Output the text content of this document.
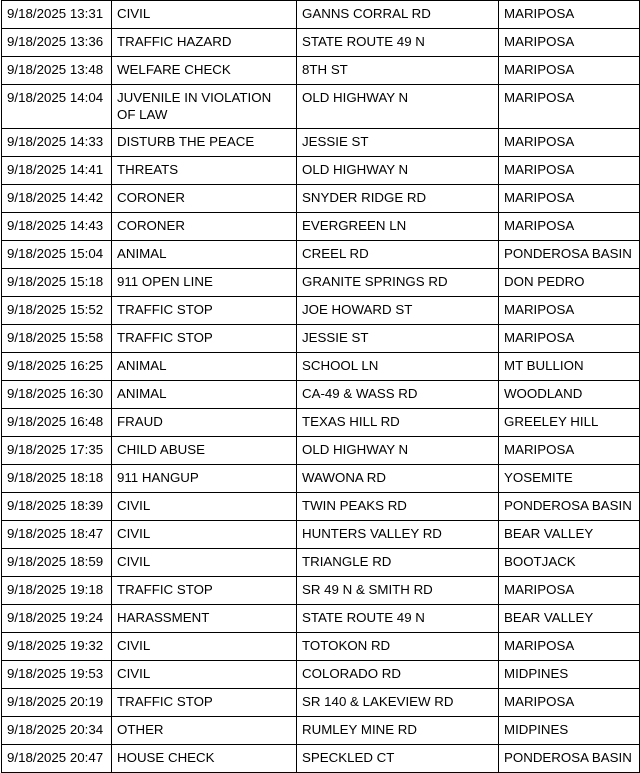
9/18/2025 13:31	CIVIL	GANNS CORRAL RD	MARIPOSA
9/18/2025 13:36	TRAFFIC HAZARD	STATE ROUTE 49 N	MARIPOSA
9/18/2025 13:48	WELFARE CHECK	8TH ST	MARIPOSA
9/18/2025 14:04	JUVENILE IN VIOLATION OF LAW	OLD HIGHWAY N	MARIPOSA
9/18/2025 14:33	DISTURB THE PEACE	JESSIE ST	MARIPOSA
9/18/2025 14:41	THREATS	OLD HIGHWAY N	MARIPOSA
9/18/2025 14:42	CORONER	SNYDER RIDGE RD	MARIPOSA
9/18/2025 14:43	CORONER	EVERGREEN LN	MARIPOSA
9/18/2025 15:04	ANIMAL	CREEL RD	PONDEROSA BASIN
9/18/2025 15:18	911 OPEN LINE	GRANITE SPRINGS RD	DON PEDRO
9/18/2025 15:52	TRAFFIC STOP	JOE HOWARD ST	MARIPOSA
9/18/2025 15:58	TRAFFIC STOP	JESSIE ST	MARIPOSA
9/18/2025 16:25	ANIMAL	SCHOOL LN	MT BULLION
9/18/2025 16:30	ANIMAL	CA-49 & WASS RD	WOODLAND
9/18/2025 16:48	FRAUD	TEXAS HILL RD	GREELEY HILL
9/18/2025 17:35	CHILD ABUSE	OLD HIGHWAY N	MARIPOSA
9/18/2025 18:18	911 HANGUP	WAWONA RD	YOSEMITE
9/18/2025 18:39	CIVIL	TWIN PEAKS RD	PONDEROSA BASIN
9/18/2025 18:47	CIVIL	HUNTERS VALLEY RD	BEAR VALLEY
9/18/2025 18:59	CIVIL	TRIANGLE RD	BOOTJACK
9/18/2025 19:18	TRAFFIC STOP	SR 49 N & SMITH RD	MARIPOSA
9/18/2025 19:24	HARASSMENT	STATE ROUTE 49 N	BEAR VALLEY
9/18/2025 19:32	CIVIL	TOTOKON RD	MARIPOSA
9/18/2025 19:53	CIVIL	COLORADO RD	MIDPINES
9/18/2025 20:19	TRAFFIC STOP	SR 140 & LAKEVIEW RD	MARIPOSA
9/18/2025 20:34	OTHER	RUMLEY MINE RD	MIDPINES
9/18/2025 20:47	HOUSE CHECK	SPECKLED CT	PONDEROSA BASIN
